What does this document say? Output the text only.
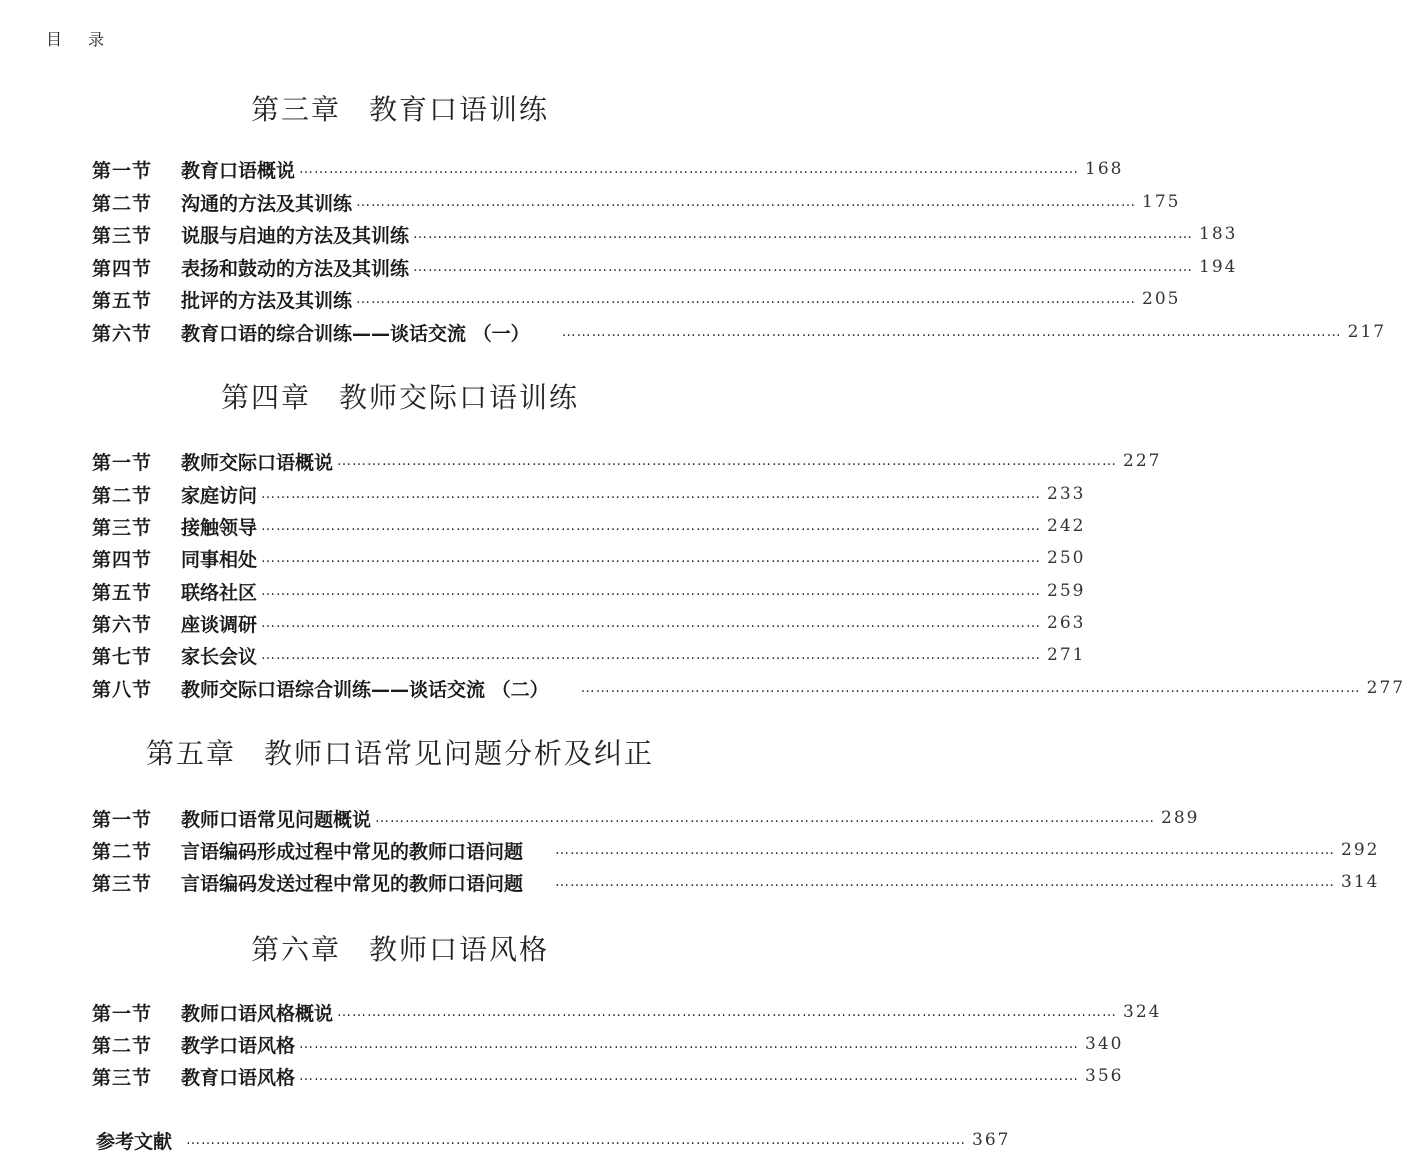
目录
第三章 教育口语训练
第一节	教育口语概说 ………………………………………………………………………………………………………………………………………… 168
第二节	沟通的方法及其训练 ………………………………………………………………………………………………………………………………………… 175
第三节	说服与启迪的方法及其训练 ………………………………………………………………………………………………………………………………………… 183
第四节	表扬和鼓动的方法及其训练 ………………………………………………………………………………………………………………………………………… 194
第五节	批评的方法及其训练 ………………………………………………………………………………………………………………………………………… 205
第六节	教育口语的综合训练——谈话交流 （一） ………………………………………………………………………………………………………………………………………… 217
第四章 教师交际口语训练
第一节	教师交际口语概说 ………………………………………………………………………………………………………………………………………… 227
第二节	家庭访问 ………………………………………………………………………………………………………………………………………… 233
第三节	接触领导 ………………………………………………………………………………………………………………………………………… 242
第四节	同事相处 ………………………………………………………………………………………………………………………………………… 250
第五节	联络社区 ………………………………………………………………………………………………………………………………………… 259
第六节	座谈调研 ………………………………………………………………………………………………………………………………………… 263
第七节	家长会议 ………………………………………………………………………………………………………………………………………… 271
第八节	教师交际口语综合训练——谈话交流 （二） ………………………………………………………………………………………………………………………………………… 277
第五章 教师口语常见问题分析及纠正
第一节	教师口语常见问题概说 ………………………………………………………………………………………………………………………………………… 289
第二节	言语编码形成过程中常见的教师口语问题 ………………………………………………………………………………………………………………………………………… 292
第三节	言语编码发送过程中常见的教师口语问题 ………………………………………………………………………………………………………………………………………… 314
第六章 教师口语风格
第一节	教师口语风格概说 ………………………………………………………………………………………………………………………………………… 324
第二节	教学口语风格 ………………………………………………………………………………………………………………………………………… 340
第三节	教育口语风格 ………………………………………………………………………………………………………………………………………… 356
参考文献 ………………………………………………………………………………………………………………………………………… 367
